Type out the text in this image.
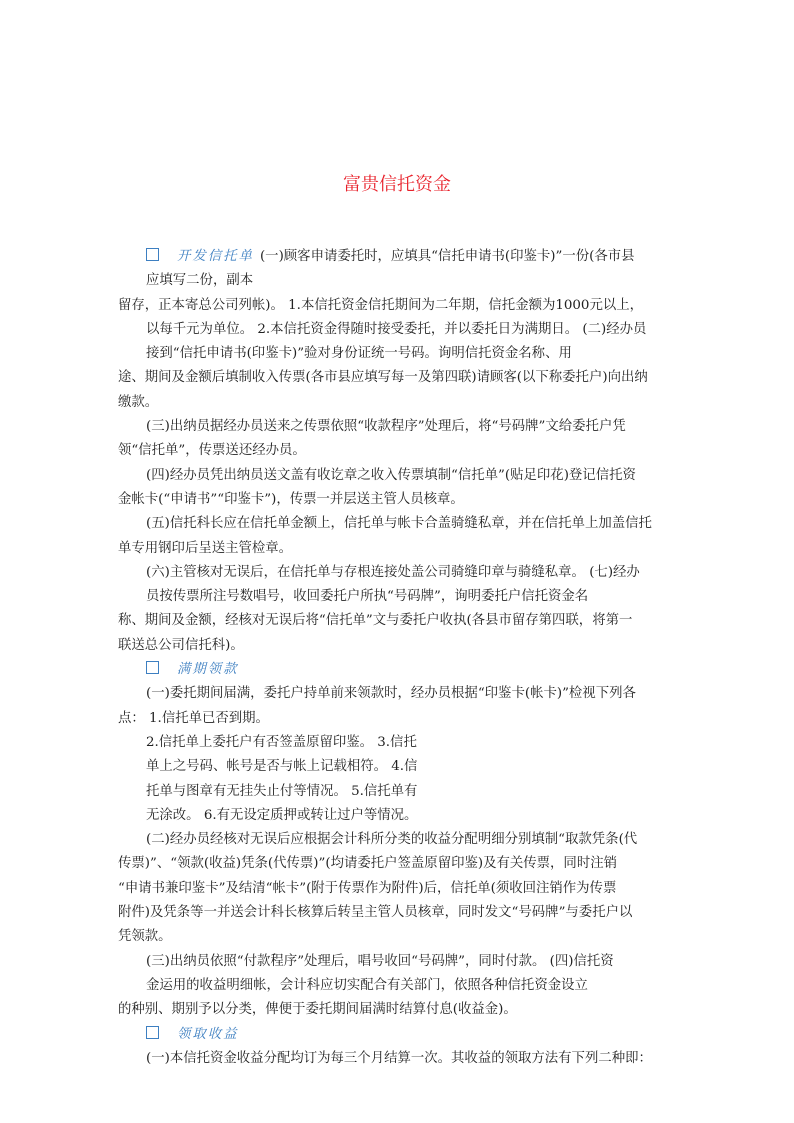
富贵信托资金
开发信托单 (一)顾客申请委托时，应填具“信托申请书(印鉴卡)”一份(各市县
应填写二份，副本
留存，正本寄总公司列帐)。 1.本信托资金信托期间为二年期，信托金额为1000元以上，
以每千元为单位。 2.本信托资金得随时接受委托，并以委托日为满期日。 (二)经办员
接到“信托申请书(印鉴卡)”验对身份证统一号码。询明信托资金名称、用
途、期间及金额后填制收入传票(各市县应填写每一及第四联)请顾客(以下称委托户)向出纳
缴款。
(三)出纳员据经办员送来之传票依照“收款程序”处理后，将“号码牌”文给委托户凭
领“信托单”，传票送还经办员。
(四)经办员凭出纳员送文盖有收讫章之收入传票填制“信托单”(贴足印花)登记信托资
金帐卡(“申请书”“印鉴卡”)，传票一并层送主管人员核章。
(五)信托科长应在信托单金额上，信托单与帐卡合盖骑缝私章，并在信托单上加盖信托
单专用钢印后呈送主管检章。
(六)主管核对无误后，在信托单与存根连接处盖公司骑缝印章与骑缝私章。 (七)经办
员按传票所注号数唱号，收回委托户所执“号码牌”，询明委托户信托资金名
称、期间及金额，经核对无误后将“信托单”文与委托户收执(各县市留存第四联，将第一
联送总公司信托科)。
满期领款
(一)委托期间届满，委托户持单前来领款时，经办员根据“印鉴卡(帐卡)”检视下列各
点： 1.信托单已否到期。
2.信托单上委托户有否签盖原留印鉴。 3.信托
单上之号码、帐号是否与帐上记载相符。 4.信
托单与图章有无挂失止付等情况。 5.信托单有
无涂改。 6.有无设定质押或转让过户等情况。
(二)经办员经核对无误后应根据会计科所分类的收益分配明细分别填制“取款凭条(代
传票)”、“领款(收益)凭条(代传票)”(均请委托户签盖原留印鉴)及有关传票，同时注销
“申请书兼印鉴卡”及结清“帐卡”(附于传票作为附件)后，信托单(须收回注销作为传票
附件)及凭条等一并送会计科长核算后转呈主管人员核章，同时发文“号码牌”与委托户以
凭领款。
(三)出纳员依照“付款程序”处理后，唱号收回“号码牌”，同时付款。 (四)信托资
金运用的收益明细帐，会计科应切实配合有关部门，依照各种信托资金设立
的种别、期别予以分类，俾便于委托期间届满时结算付息(收益金)。
领取收益
(一)本信托资金收益分配均订为每三个月结算一次。其收益的领取方法有下列二种即：
